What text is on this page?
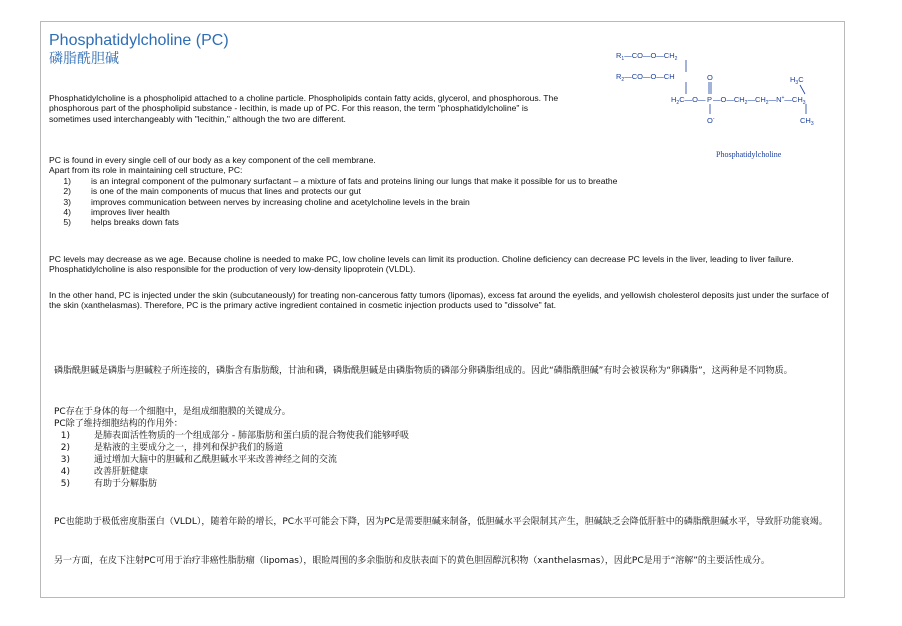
Phosphatidylcholine (PC)
磷脂酰胆碱	$R_1—CO—O—CH_2$
$R_2—CO—O—CH$
$H_2C—O—$ P
O
O-
$—O—CH_2—CH_2—N^+—CH_3$
$H_3C$
$CH_3$
Phosphatidylcholine

Phosphatidylcholine is a phospholipid attached to a choline particle. Phospholipids contain fatty acids, glycerol, and phosphorous. The phosphorous part of the phospholipid substance - lecithin, is made up of PC. For this reason, the term "phosphatidylcholine" is sometimes used interchangeably with "lecithin," although the two are different.

PC is found in every single cell of our body as a key component of the cell membrane.

Apart from its role in maintaining cell structure, PC:

1)	is an integral component of the pulmonary surfactant – a mixture of fats and proteins lining our lungs that make it possible for us to breathe
2)	is one of the main components of mucus that lines and protects our gut
3)	improves communication between nerves by increasing choline and acetylcholine levels in the brain
4)	improves liver health
5)	helps breaks down fats

PC levels may decrease as we age. Because choline is needed to make PC, low choline levels can limit its production. Choline deficiency can decrease PC levels in the liver, leading to liver failure. Phosphatidylcholine is also responsible for the production of very low-density lipoprotein (VLDL).

In the other hand, PC is injected under the skin (subcutaneously) for treating non-cancerous fatty tumors (lipomas), excess fat around the eyelids, and yellowish cholesterol deposits just under the surface of the skin (xanthelasmas). Therefore, PC is the primary active ingredient contained in cosmetic injection products used to "dissolve" fat.

磷脂酰胆碱是磷脂与胆碱粒子所连接的，磷脂含有脂肪酸，甘油和磷，磷脂酰胆碱是由磷脂物质的磷部分卵磷脂组成的。因此“磷脂酰胆碱”有时会被误称为“卵磷脂”，这两种是不同物质。

PC存在于身体的每一个细胞中，是组成细胞膜的关键成分。

PC除了维持细胞结构的作用外：

1)	是肺表面活性物质的一个组成部分 - 肺部脂肪和蛋白质的混合物使我们能够呼吸
2)	是粘液的主要成分之一，排列和保护我们的肠道
3)	通过增加大脑中的胆碱和乙酰胆碱水平来改善神经之间的交流
4)	改善肝脏健康
5)	有助于分解脂肪

PC也能助于极低密度脂蛋白（VLDL），随着年龄的增长，PC水平可能会下降，因为PC是需要胆碱来制备，低胆碱水平会限制其产生，胆碱缺乏会降低肝脏中的磷脂酰胆碱水平，导致肝功能衰竭。

另一方面，在皮下注射PC可用于治疗非癌性脂肪瘤（lipomas），眼睑周围的多余脂肪和皮肤表面下的黄色胆固醇沉积物（xanthelasmas），因此PC是用于“溶解”的主要活性成分。
